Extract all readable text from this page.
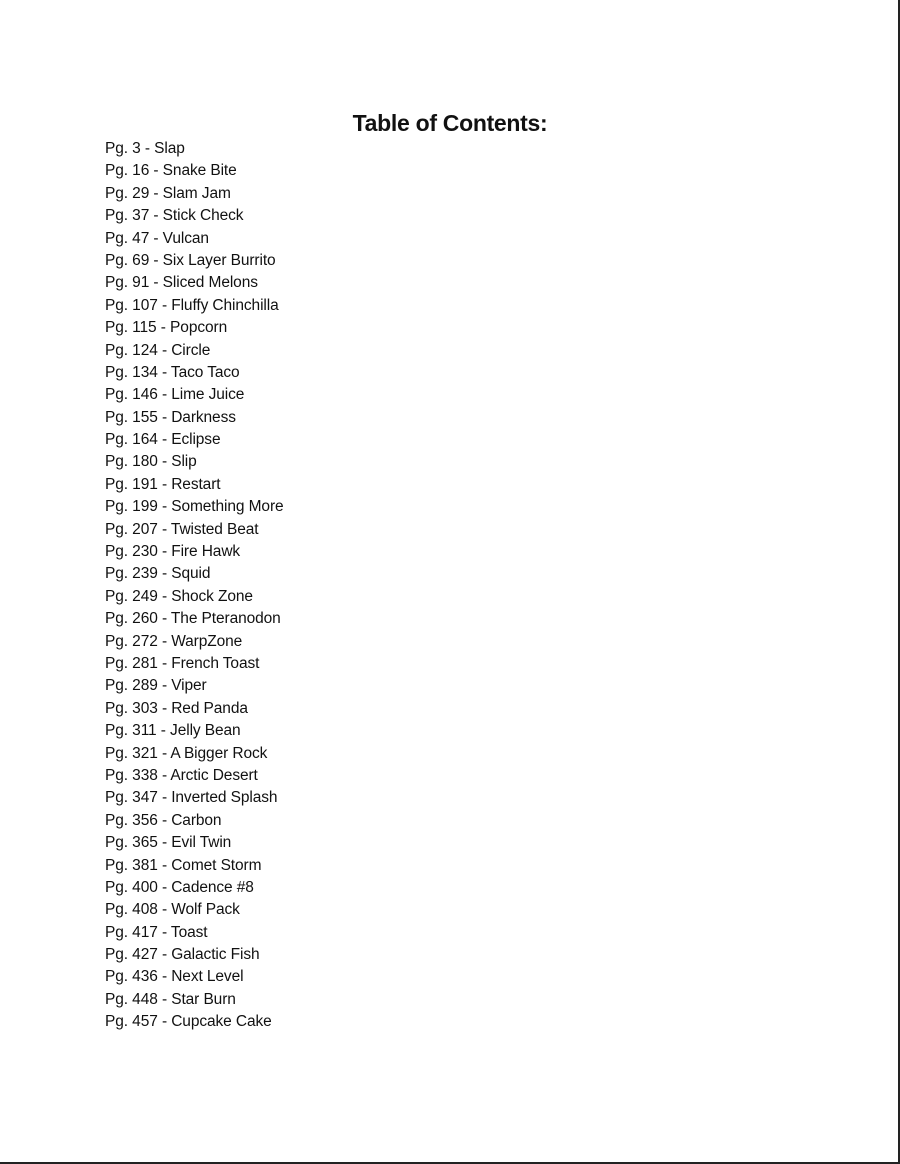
Table of Contents:
Pg. 3 - Slap
Pg. 16 - Snake Bite
Pg. 29 - Slam Jam
Pg. 37 - Stick Check
Pg. 47 - Vulcan
Pg. 69 - Six Layer Burrito
Pg. 91 - Sliced Melons
Pg. 107 - Fluffy Chinchilla
Pg. 115 - Popcorn
Pg. 124 - Circle
Pg. 134 - Taco Taco
Pg. 146 - Lime Juice
Pg. 155 - Darkness
Pg. 164 - Eclipse
Pg. 180 - Slip
Pg. 191 - Restart
Pg. 199 - Something More
Pg. 207 - Twisted Beat
Pg. 230 - Fire Hawk
Pg. 239 - Squid
Pg. 249 - Shock Zone
Pg. 260 - The Pteranodon
Pg. 272 - WarpZone
Pg. 281 - French Toast
Pg. 289 - Viper
Pg. 303 - Red Panda
Pg. 311 - Jelly Bean
Pg. 321 - A Bigger Rock
Pg. 338 - Arctic Desert
Pg. 347 - Inverted Splash
Pg. 356 - Carbon
Pg. 365 - Evil Twin
Pg. 381 - Comet Storm
Pg. 400 - Cadence #8
Pg. 408 - Wolf Pack
Pg. 417 - Toast
Pg. 427 - Galactic Fish
Pg. 436 - Next Level
Pg. 448 - Star Burn
Pg. 457 - Cupcake Cake
